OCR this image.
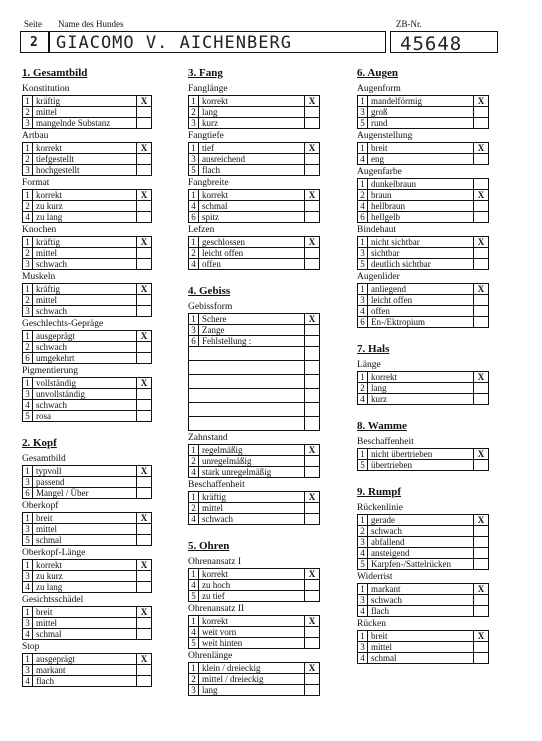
Seite Name des Hundes	ZB-Nr.
2 GIACOMO V. AICHENBERG	45648
1. Gesamtbild
Konstitution
1	kräftig	X
2	mittel	
3	mangelnde Substanz	
Artbau
1	korrekt	X
2	tiefgestellt	
3	hochgestellt	
Format
1	korrekt	X
2	zu kurz	
4	zu lang	
Knochen
1	kräftig	X
2	mittel	
3	schwach	
Muskeln
1	kräftig	X
2	mittel	
3	schwach	
Geschlechts-Gepräge
1	ausgeprägt	X
2	schwach	
6	umgekehrt	
Pigmentierung
1	vollständig	X
3	unvollständig	
4	schwach	
5	rosa	
2. Kopf
Gesamtbild
1	typvoll	X
3	passend	
6	Mangel / Über	
Oberkopf
1	breit	X
3	mittel	
5	schmal	
Oberkopf-Länge
1	korrekt	X
3	zu kurz	
4	zu lang	
Gesichtsschädel
1	breit	X
3	mittel	
4	schmal	
Stop
1	ausgeprägt	X
3	markant	
4	flach	
3. Fang
Fanglänge
1	korrekt	X
2	lang	
3	kurz	
Fangtiefe
1	tief	X
3	ausreichend	
5	flach	
Fangbreite
1	korrekt	X
4	schmal	
6	spitz	
Lefzen
1	geschlossen	X
2	leicht offen	
4	offen	
4. Gebiss
Gebissform
1	Schere	X
3	Zange	
6	Fehlstellung :	

Zahnstand
1	regelmäßig	X
2	unregelmäßig	
4	stark unregelmäßig	
Beschaffenheit
1	kräftig	X
2	mittel	
4	schwach	
5. Ohren
Ohrenansatz I
1	korrekt	X
4	zu hoch	
5	zu tief	
Ohrenansatz II
1	korrekt	X
4	weit vorn	
5	weit hinten	
Ohrenlänge
1	klein / dreieckig	X
2	mittel / dreieckig	
3	lang	
6. Augen
Augenform
1	mandelförmig	X
3	groß	
5	rund	
Augenstellung
1	breit	X
4	eng	
Augenfarbe
1	dunkelbraun	
2	braun	X
4	hellbraun	
6	hellgelb	
Bindehaut
1	nicht sichtbar	X
3	sichtbar	
5	deutlich sichtbar	
Augenlider
1	anliegend	X
3	leicht offen	
4	offen	
6	En-/Ektropium	
7. Hals
Länge
1	korrekt	X
2	lang	
4	kurz	
8. Wamme
Beschaffenheit
1	nicht übertrieben	X
5	übertrieben	
9. Rumpf
Rückenlinie
1	gerade	X
2	schwach	
3	abfallend	
4	ansteigend	
5	Karpfen-/Sattelrücken	
Widerrist
1	markant	X
3	schwach	
4	flach	
Rücken
1	breit	X
3	mittel	
4	schmal	
